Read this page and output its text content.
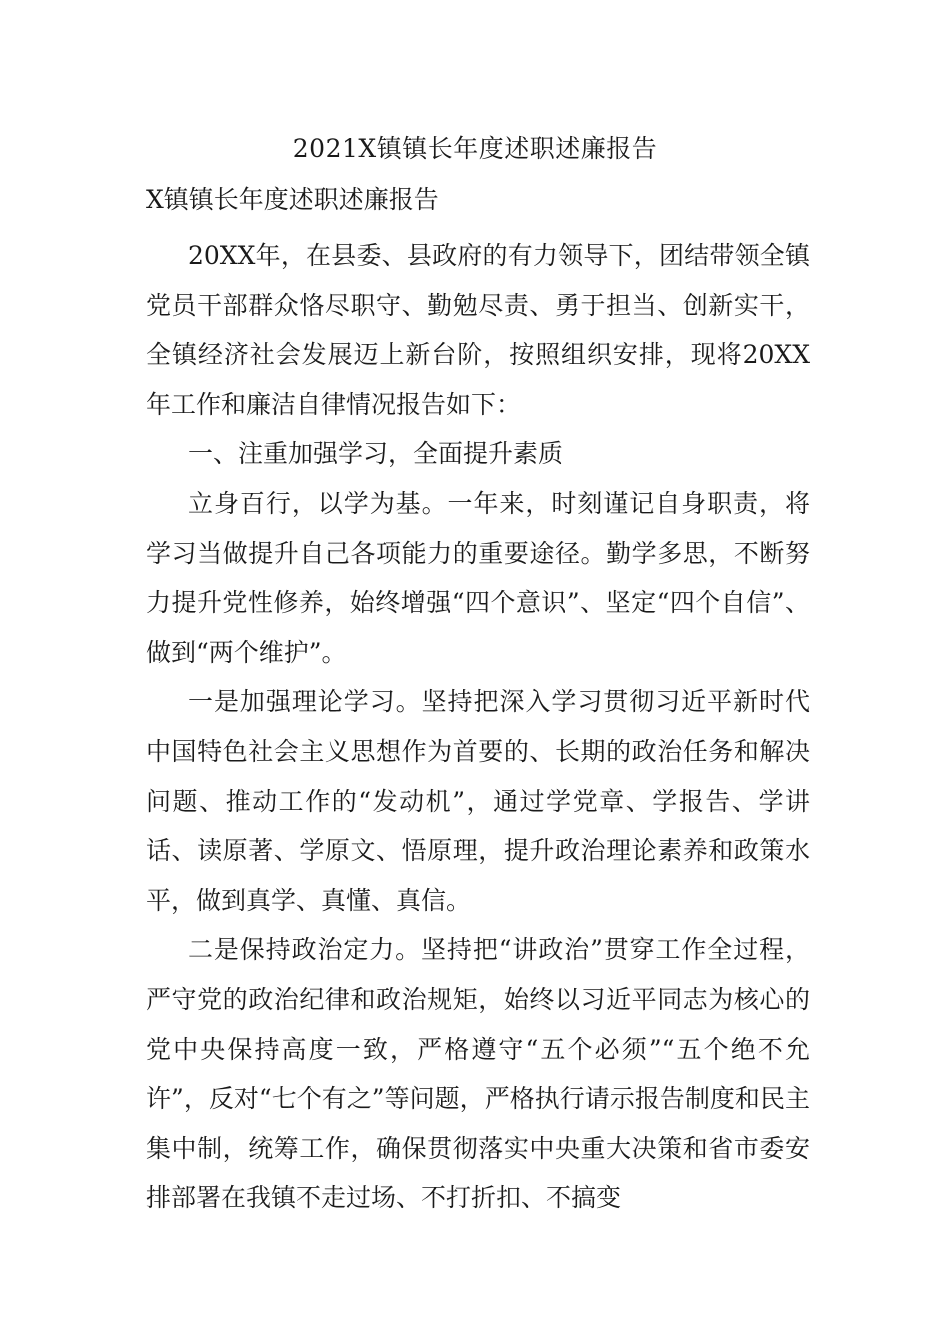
2021X镇镇长年度述职述廉报告
X镇镇长年度述职述廉报告

20XX年，在县委、县政府的有力领导下，团结带领全镇党员干部群众恪尽职守、勤勉尽责、勇于担当、创新实干，全镇经济社会发展迈上新台阶，按照组织安排，现将20XX年工作和廉洁自律情况报告如下：

一、注重加强学习，全面提升素质

立身百行，以学为基。一年来，时刻谨记自身职责，将学习当做提升自己各项能力的重要途径。勤学多思，不断努力提升党性修养，始终增强“四个意识”、坚定“四个自信”、做到“两个维护”。

一是加强理论学习。坚持把深入学习贯彻习近平新时代中国特色社会主义思想作为首要的、长期的政治任务和解决问题、推动工作的“发动机”，通过学党章、学报告、学讲话、读原著、学原文、悟原理，提升政治理论素养和政策水平，做到真学、真懂、真信。

二是保持政治定力。坚持把“讲政治”贯穿工作全过程，严守党的政治纪律和政治规矩，始终以习近平同志为核心的党中央保持高度一致，严格遵守“五个必须”“五个绝不允许”，反对“七个有之”等问题，严格执行请示报告制度和民主集中制，统筹工作，确保贯彻落实中央重大决策和省市委安排部署在我镇不走过场、不打折扣、不搞变
